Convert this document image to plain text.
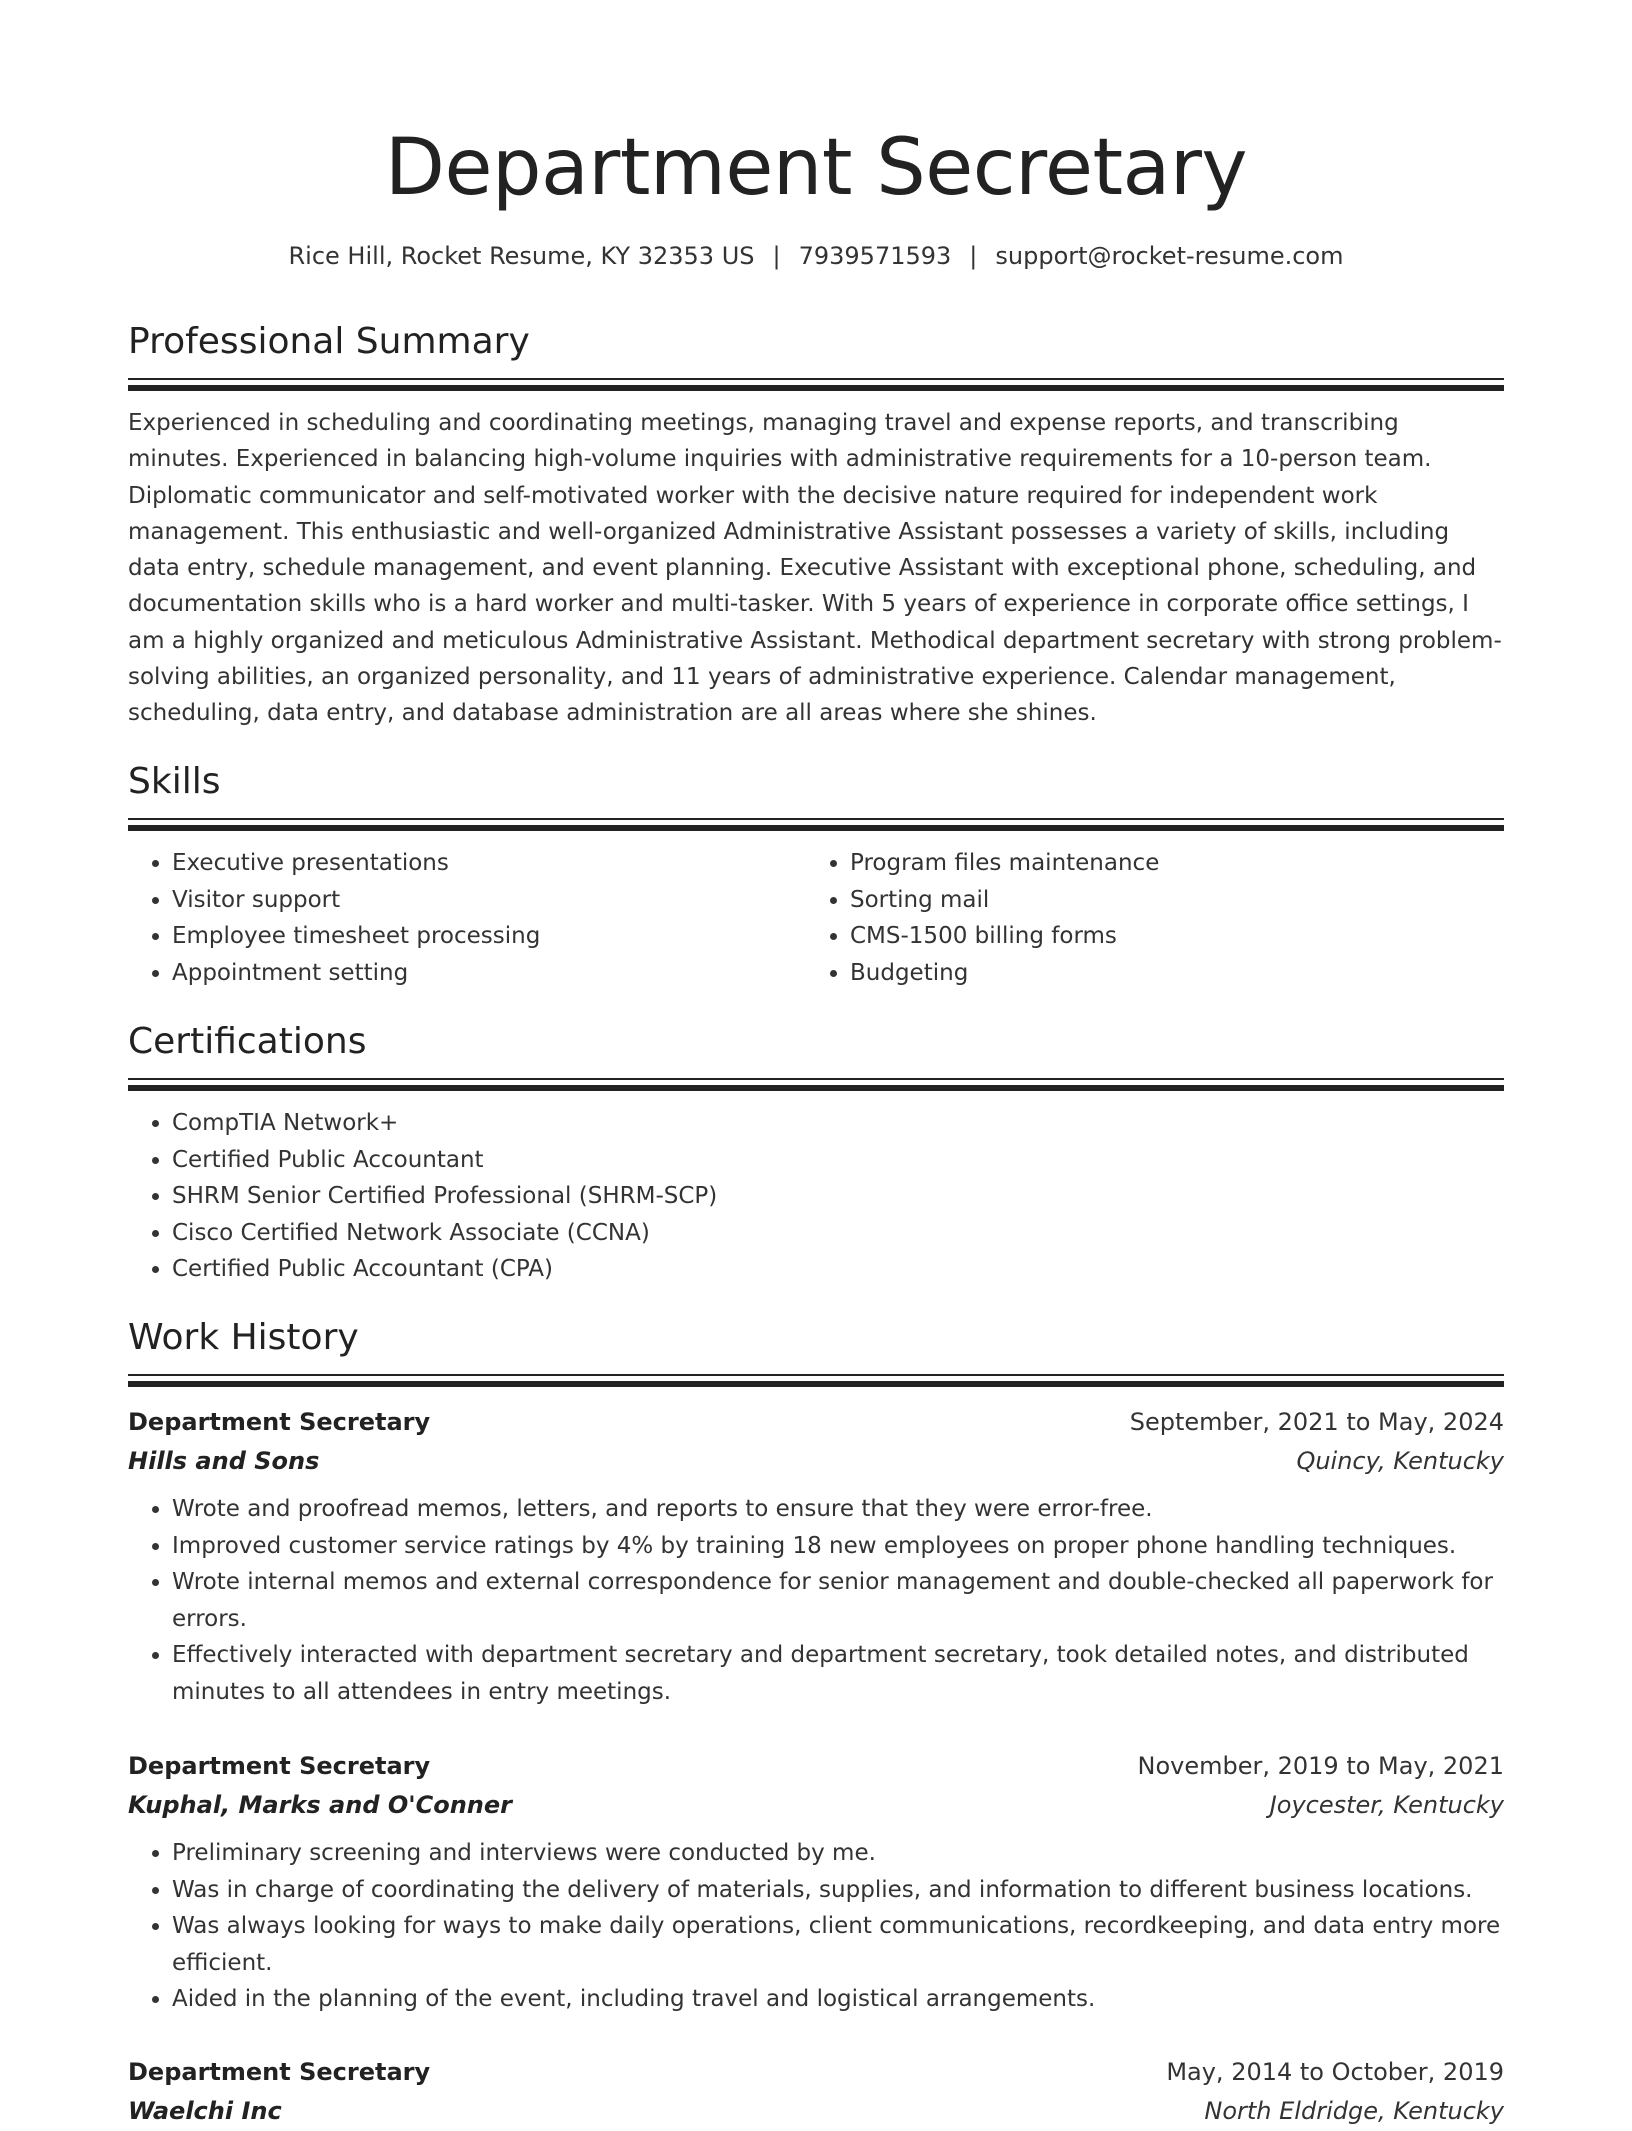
Department Secretary
Rice Hill, Rocket Resume, KY 32353 US | 7939571593 | support@rocket-resume.com
Professional Summary
Experienced in scheduling and coordinating meetings, managing travel and expense reports, and transcribing minutes. Experienced in balancing high-volume inquiries with administrative requirements for a 10-person team. Diplomatic communicator and self-motivated worker with the decisive nature required for independent work management. This enthusiastic and well-organized Administrative Assistant possesses a variety of skills, including data entry, schedule management, and event planning. Executive Assistant with exceptional phone, scheduling, and documentation skills who is a hard worker and multi-tasker. With 5 years of experience in corporate office settings, I am a highly organized and meticulous Administrative Assistant. Methodical department secretary with strong problem-solving abilities, an organized personality, and 11 years of administrative experience. Calendar management, scheduling, data entry, and database administration are all areas where she shines.
Skills
• Executive presentations
• Visitor support
• Employee timesheet processing
• Appointment setting
• Program files maintenance
• Sorting mail
• CMS-1500 billing forms
• Budgeting
Certifications
• CompTIA Network+
• Certified Public Accountant
• SHRM Senior Certified Professional (SHRM-SCP)
• Cisco Certified Network Associate (CCNA)
• Certified Public Accountant (CPA)
Work History
Department Secretary	September, 2021 to May, 2024
Hills and Sons	Quincy, Kentucky
• Wrote and proofread memos, letters, and reports to ensure that they were error-free.
• Improved customer service ratings by 4% by training 18 new employees on proper phone handling techniques.
• Wrote internal memos and external correspondence for senior management and double-checked all paperwork for errors.
• Effectively interacted with department secretary and department secretary, took detailed notes, and distributed minutes to all attendees in entry meetings.
Department Secretary	November, 2019 to May, 2021
Kuphal, Marks and O'Conner	Joycester, Kentucky
• Preliminary screening and interviews were conducted by me.
• Was in charge of coordinating the delivery of materials, supplies, and information to different business locations.
• Was always looking for ways to make daily operations, client communications, recordkeeping, and data entry more efficient.
• Aided in the planning of the event, including travel and logistical arrangements.
Department Secretary	May, 2014 to October, 2019
Waelchi Inc	North Eldridge, Kentucky
